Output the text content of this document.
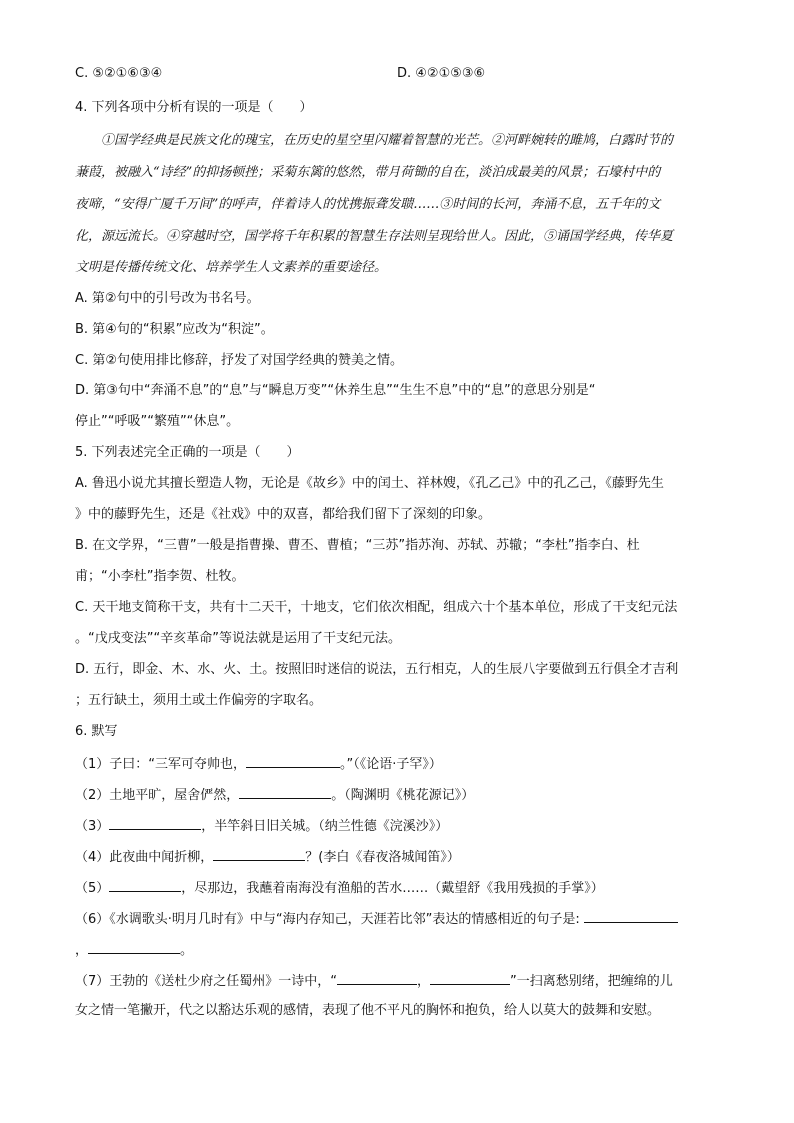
C. ⑤②①⑥③④	D. ④②①⑤③⑥
4. 下列各项中分析有误的一项是（　　）
①国学经典是民族文化的瑰宝，在历史的星空里闪耀着智慧的光芒。②河畔婉转的雎鸠，白露时节的
蒹葭，被融入“诗经”的抑扬顿挫；采菊东篱的悠然，带月荷锄的自在，淡泊成最美的风景；石壕村中的
夜啼，“安得广厦千万间”的呼声，伴着诗人的忧携振聋发聩……③时间的长河，奔涌不息，五千年的文
化，源远流长。④穿越时空，国学将千年积累的智慧生存法则呈现给世人。因此，⑤诵国学经典，传华夏
文明是传播传统文化、培养学生人文素养的重要途径。
A. 第②句中的引号改为书名号。
B. 第④句的“积累”应改为“积淀”。
C. 第②句使用排比修辞，抒发了对国学经典的赞美之情。
D. 第③句中“奔涌不息”的“息”与“瞬息万变”“休养生息”“生生不息”中的“息”的意思分别是“
停止”“呼吸”“繁殖”“休息”。
5. 下列表述完全正确的一项是（　　）
A. 鲁迅小说尤其擅长塑造人物，无论是《故乡》中的闰土、祥林嫂，《孔乙己》中的孔乙己，《藤野先生
》中的藤野先生，还是《社戏》中的双喜，都给我们留下了深刻的印象。
B. 在文学界，“三曹”一般是指曹操、曹丕、曹植；“三苏”指苏洵、苏轼、苏辙；“李杜”指李白、杜
甫；“小李杜”指李贺、杜牧。
C. 天干地支简称干支，共有十二天干，十地支，它们依次相配，组成六十个基本单位，形成了干支纪元法
。“戊戌变法”“辛亥革命”等说法就是运用了干支纪元法。
D. 五行，即金、木、水、火、土。按照旧时迷信的说法，五行相克，人的生辰八字要做到五行俱全才吉利
；五行缺土，须用土或土作偏旁的字取名。
6. 默写
（1）子曰：“三军可夺帅也，	。”（《论语·子罕》）
（2）土地平旷，屋舍俨然，	。（陶渊明《桃花源记》）
（3）	，半竿斜日旧关城。（纳兰性德《浣溪沙》）
（4）此夜曲中闻折柳，	？(李白《春夜洛城闻笛》）
（5）	，尽那边，我蘸着南海没有渔船的苦水……（戴望舒《我用残损的手掌》）
（6）《水调歌头·明月几时有》中与“海内存知己，天涯若比邻”表达的情感相近的句子是:
，	。
（7）王勃的《送杜少府之任蜀州》一诗中，“	，	”一扫离愁别绪，把缠绵的儿
女之情一笔撇开，代之以豁达乐观的感情，表现了他不平凡的胸怀和抱负，给人以莫大的鼓舞和安慰。
